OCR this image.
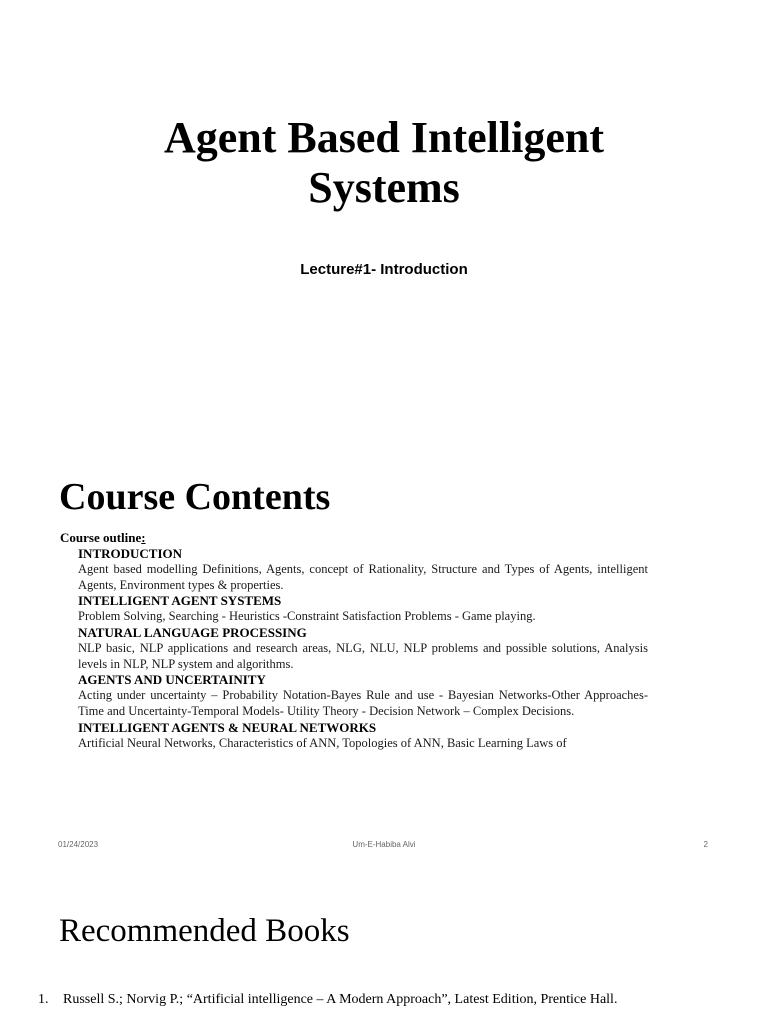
Agent Based Intelligent
Systems
Lecture#1- Introduction
Course Contents
Course outline:
INTRODUCTION
Agent based modelling Definitions, Agents, concept of Rationality, Structure and Types of Agents, intelligent Agents, Environment types & properties.
INTELLIGENT AGENT SYSTEMS
Problem Solving, Searching - Heuristics -Constraint Satisfaction Problems - Game playing.
NATURAL LANGUAGE PROCESSING
NLP basic, NLP applications and research areas, NLG, NLU, NLP problems and possible solutions, Analysis levels in NLP, NLP system and algorithms.
AGENTS AND UNCERTAINITY
Acting under uncertainty – Probability Notation-Bayes Rule and use - Bayesian Networks-Other Approaches-Time and Uncertainty-Temporal Models- Utility Theory - Decision Network – Complex Decisions.
INTELLIGENT AGENTS & NEURAL NETWORKS
Artificial Neural Networks, Characteristics of ANN, Topologies of ANN, Basic Learning Laws of
01/24/2023	Um-E-Habiba Alvi	2
Recommended Books
1.	Russell S.; Norvig P.; “Artificial intelligence – A Modern Approach”, Latest Edition, Prentice Hall.
